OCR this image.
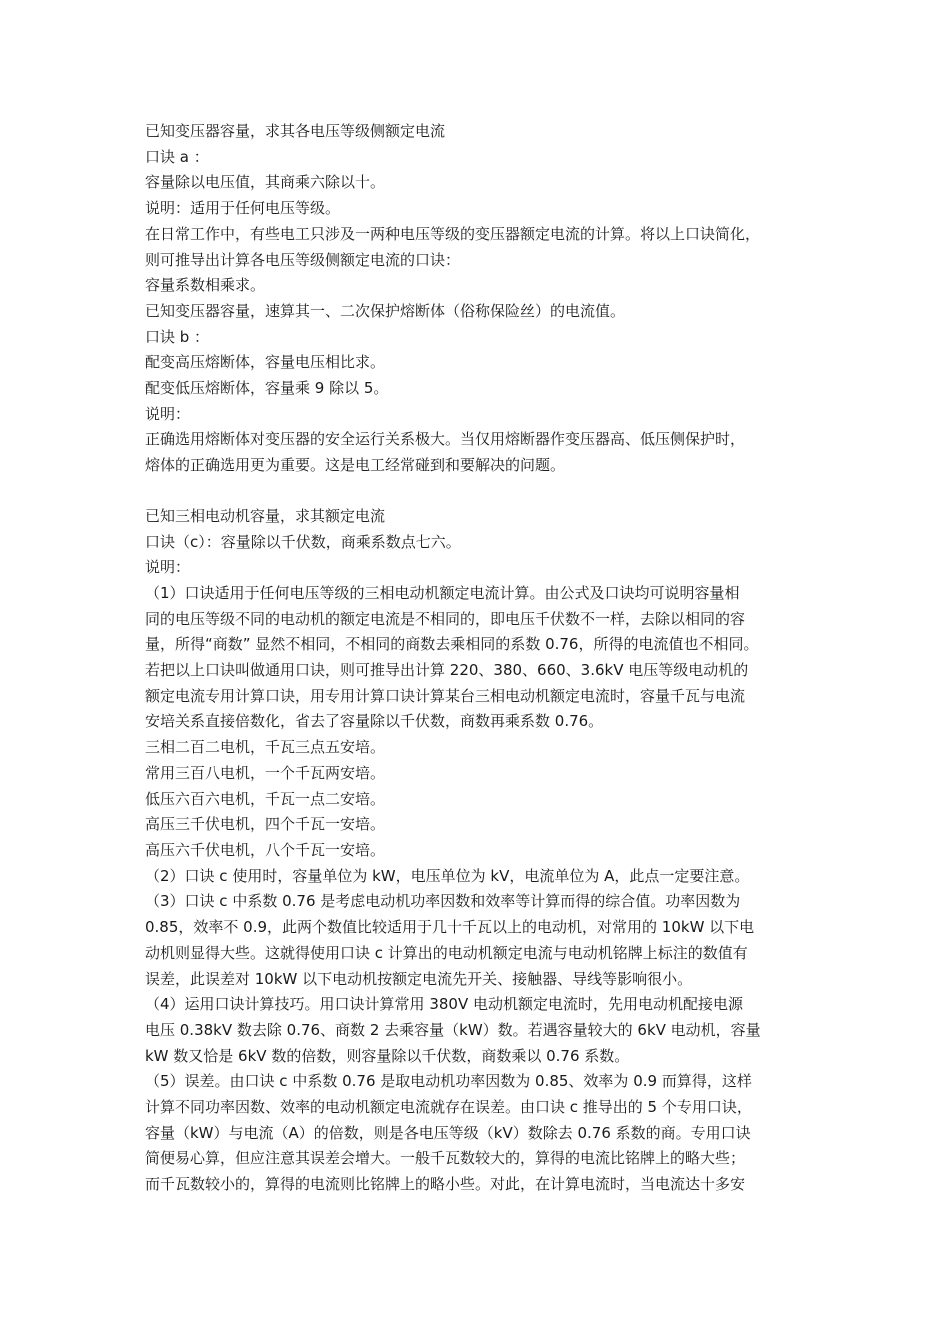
已知变压器容量，求其各电压等级侧额定电流
口诀 a ：
容量除以电压值，其商乘六除以十。
说明：适用于任何电压等级。
在日常工作中，有些电工只涉及一两种电压等级的变压器额定电流的计算。将以上口诀简化，
则可推导出计算各电压等级侧额定电流的口诀：
容量系数相乘求。
已知变压器容量，速算其一、二次保护熔断体（俗称保险丝）的电流值。
口诀 b ：
配变高压熔断体，容量电压相比求。
配变低压熔断体，容量乘 9 除以 5。
说明：
正确选用熔断体对变压器的安全运行关系极大。当仅用熔断器作变压器高、低压侧保护时，
熔体的正确选用更为重要。这是电工经常碰到和要解决的问题。
已知三相电动机容量，求其额定电流
口诀（c）：容量除以千伏数，商乘系数点七六。
说明：
（1）口诀适用于任何电压等级的三相电动机额定电流计算。由公式及口诀均可说明容量相
同的电压等级不同的电动机的额定电流是不相同的，即电压千伏数不一样，去除以相同的容
量，所得“商数” 显然不相同，不相同的商数去乘相同的系数 0.76，所得的电流值也不相同。
若把以上口诀叫做通用口诀，则可推导出计算 220、380、660、3.6kV 电压等级电动机的
额定电流专用计算口诀，用专用计算口诀计算某台三相电动机额定电流时，容量千瓦与电流
安培关系直接倍数化，省去了容量除以千伏数，商数再乘系数 0.76。
三相二百二电机，千瓦三点五安培。
常用三百八电机，一个千瓦两安培。
低压六百六电机，千瓦一点二安培。
高压三千伏电机，四个千瓦一安培。
高压六千伏电机，八个千瓦一安培。
（2）口诀 c 使用时，容量单位为 kW，电压单位为 kV，电流单位为 A，此点一定要注意。
（3）口诀 c 中系数 0.76 是考虑电动机功率因数和效率等计算而得的综合值。功率因数为
0.85，效率不 0.9，此两个数值比较适用于几十千瓦以上的电动机，对常用的 10kW 以下电
动机则显得大些。这就得使用口诀 c 计算出的电动机额定电流与电动机铭牌上标注的数值有
误差，此误差对 10kW 以下电动机按额定电流先开关、接触器、导线等影响很小。
（4）运用口诀计算技巧。用口诀计算常用 380V 电动机额定电流时，先用电动机配接电源
电压 0.38kV 数去除 0.76、商数 2 去乘容量（kW）数。若遇容量较大的 6kV 电动机，容量
kW 数又恰是 6kV 数的倍数，则容量除以千伏数，商数乘以 0.76 系数。
（5）误差。由口诀 c 中系数 0.76 是取电动机功率因数为 0.85、效率为 0.9 而算得，这样
计算不同功率因数、效率的电动机额定电流就存在误差。由口诀 c 推导出的 5 个专用口诀，
容量（kW）与电流（A）的倍数，则是各电压等级（kV）数除去 0.76 系数的商。专用口诀
简便易心算，但应注意其误差会增大。一般千瓦数较大的，算得的电流比铭牌上的略大些；
而千瓦数较小的，算得的电流则比铭牌上的略小些。对此，在计算电流时，当电流达十多安
